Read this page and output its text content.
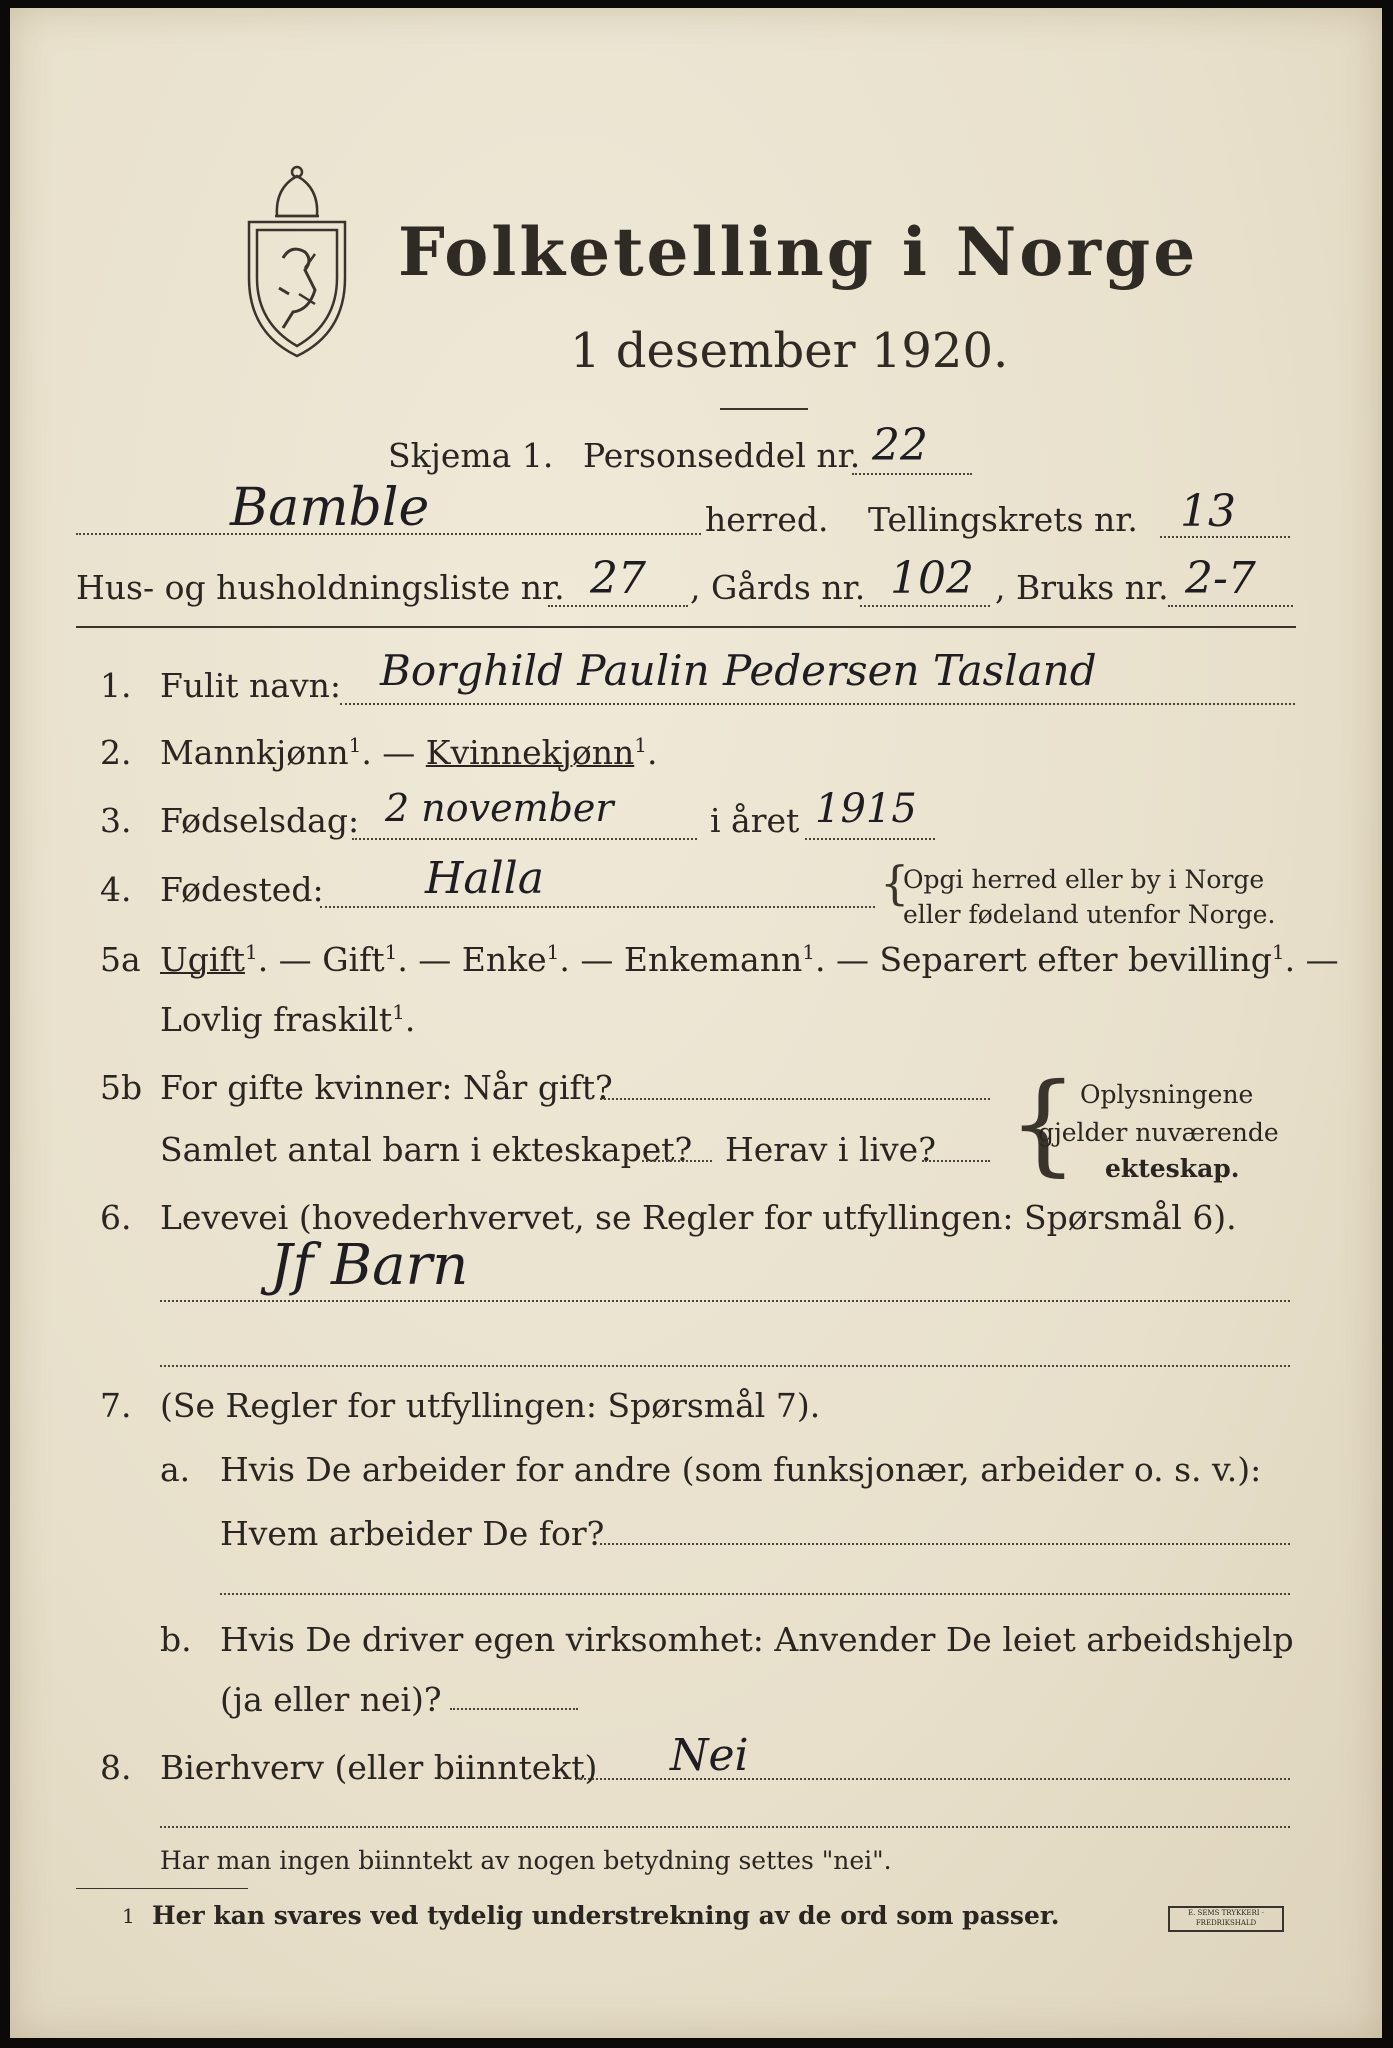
Folketelling i Norge
1 desember 1920.
Skjema 1. Personseddel nr. 22
Bamble	herred. Tellingskrets nr. 13
Hus- og husholdningsliste nr. 27 , Gårds nr. 102 , Bruks nr. 2-7
1. Fulit navn: Borghild Paulin Pedersen Tasland
2. Mannkjønn$^1$. — Kvinnekjønn$^1$.
3. Fødselsdag: 2 november	i året 1915
4. Fødested: Halla	{
Opgi herred eller by i Norge
eller fødeland utenfor Norge.
5a Ugift$^1$. — Gift$^1$. — Enke$^1$. — Enkemann$^1$. — Separert efter bevilling$^1$. —
Lovlig fraskilt$^1$.
5b For gifte kvinner: Når gift?
Samlet antal barn i ekteskapet? Herav i live? { Oplysningene
gjelder nuværende
ekteskap.
6. Levevei (hovederhvervet, se Regler for utfyllingen: Spørsmål 6).
Jf Barn
7. (Se Regler for utfyllingen: Spørsmål 7).
a. Hvis De arbeider for andre (som funksjonær, arbeider o. s. v.):
Hvem arbeider De for?
b. Hvis De driver egen virksomhet: Anvender De leiet arbeidshjelp
(ja eller nei)?
8. Bierhverv (eller biinntekt) Nei
Har man ingen biinntekt av nogen betydning settes "nei".
1 Her kan svares ved tydelig understrekning av de ord som passer.	E. SEMS TRYKKERI · FREDRIKSHALD
